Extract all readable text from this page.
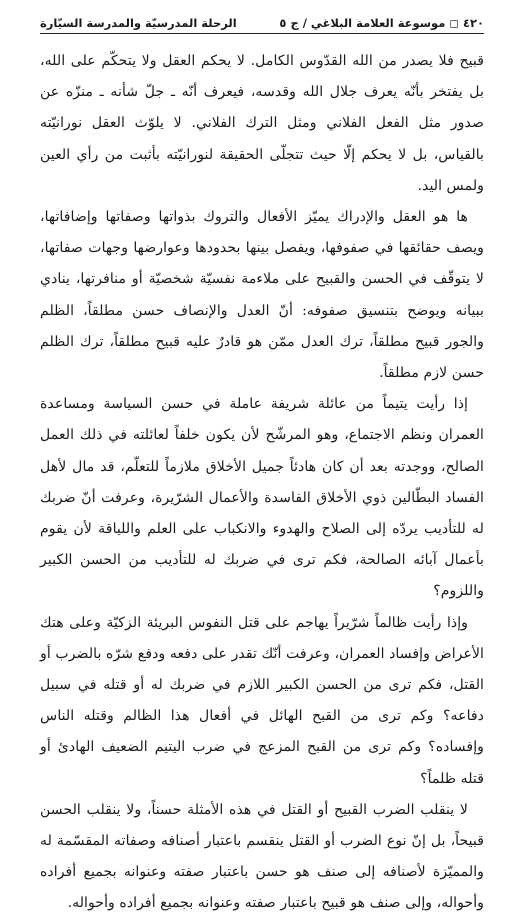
٤٢٠ ◻ موسوعة العلامة البلاغي / ج ٥
الرحلة المدرسيّة والمدرسة السيّارة

قبيح فلا يصدر من الله القدّوس الكامل. لا يحكم العقل ولا يتحكّم على الله، بل يفتخر بأنّه يعرف جلال الله وقدسه، فيعرف أنّه ـ جلّ شأنه ـ منزّه عن صدور مثل الفعل الفلاني ومثل الترك الفلاني. لا يلوّث العقل نورانيّته بالقياس، بل لا يحكم إلّا حيث تتجلّى الحقيقة لنورانيّته بأثبت من رأي العين ولمس اليد.

ها هو العقل والإدراك يميّز الأفعال والتروك بذواتها وصفاتها وإضافاتها، ويصف حقائقها في صفوفها، ويفصل بينها بحدودها وعوارضها وجهات صفاتها، لا يتوقّف في الحسن والقبيح على ملاءمة نفسيّة شخصيّة أو منافرتها، ينادي ببيانه ويوضح بتنسيق صفوفه: أنّ العدل والإنصاف حسن مطلقاً، الظلم والجور قبيح مطلقاً، ترك العدل ممّن هو قادرٌ عليه قبيح مطلقاً، ترك الظلم حسن لازم مطلقاً.

إذا رأيت يتيماً من عائلة شريفة عاملة في حسن السياسة ومساعدة العمران ونظم الاجتماع، وهو المرشّح لأن يكون خلفاً لعائلته في ذلك العمل الصالح، ووجدته بعد أن كان هادئاً جميل الأخلاق ملازماً للتعلّم، قد مال لأهل الفساد البطّالين ذوي الأخلاق الفاسدة والأعمال الشرّيرة، وعرفت أنّ ضربك له للتأديب يردّه إلى الصلاح والهدوء والانكباب على العلم واللياقة لأن يقوم بأعمال آبائه الصالحة، فكم ترى في ضربك له للتأديب من الحسن الكبير واللزوم؟

وإذا رأيت ظالماً شرّيراً يهاجم على قتل النفوس البريئة الزكيّة وعلى هتك الأعراض وإفساد العمران، وعرفت أنّك تقدر على دفعه ودفع شرّه بالضرب أو القتل، فكم ترى من الحسن الكبير اللازم في ضربك له أو قتله في سبيل دفاعه؟ وكم ترى من القبح الهائل في أفعال هذا الظالم وقتله الناس وإفساده؟ وكم ترى من القبح المزعج في ضرب اليتيم الضعيف الهادئ أو قتله ظلماً؟

لا ينقلب الضرب القبيح أو القتل في هذه الأمثلة حسناً، ولا ينقلب الحسن قبيحاً، بل إنّ نوع الضرب أو القتل ينقسم باعتبار أصنافه وصفاته المقسّمة له والمميّزة لأصنافه إلى صنف هو حسن باعتبار صفته وعنوانه بجميع أفراده وأحواله، وإلى صنف هو قبيح باعتبار صفته وعنوانه بجميع أفراده وأحواله.
